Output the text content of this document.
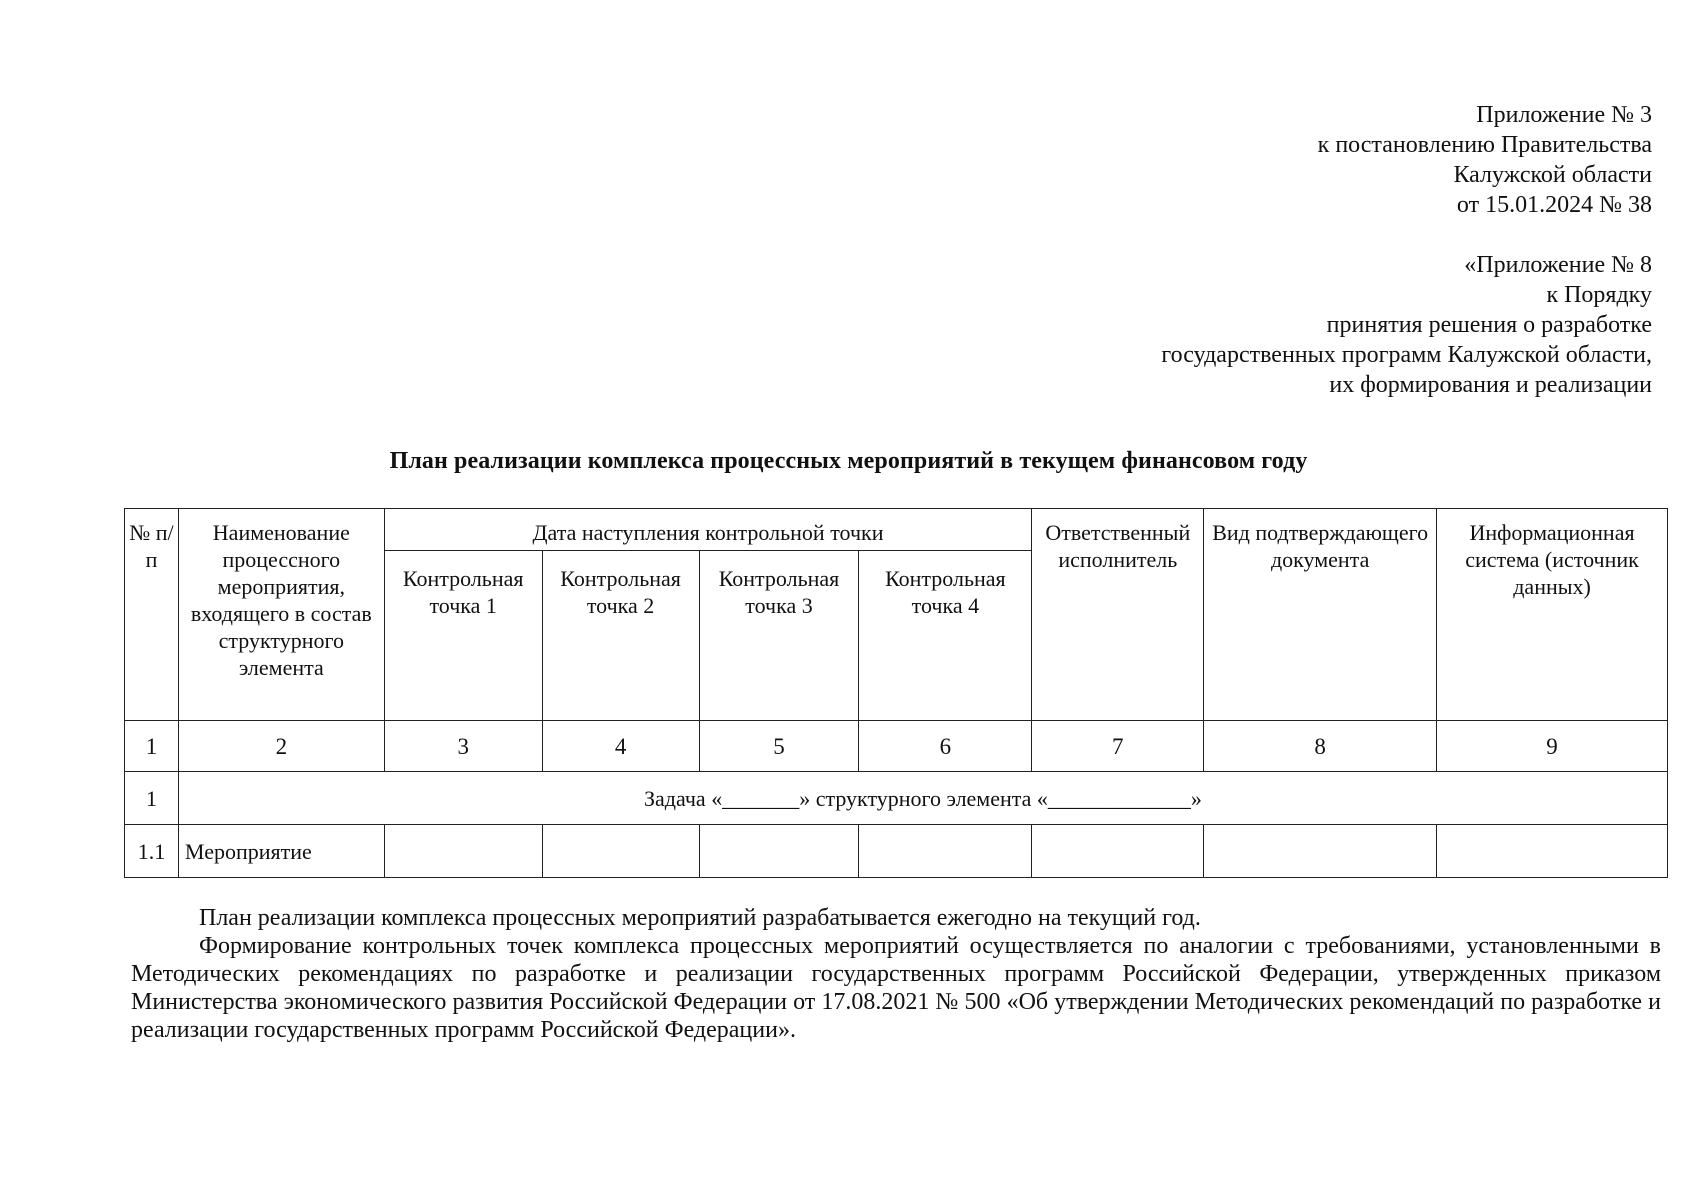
Приложение № 3
к постановлению Правительства
Калужской области
от 15.01.2024 № 38
«Приложение № 8
к Порядку
принятия решения о разработке
государственных программ Калужской области,
их формирования и реализации
План реализации комплекса процессных мероприятий в текущем финансовом году
№ п/п	Наименование процессного мероприятия, входящего в состав структурного элемента	Дата наступления контрольной точки				Ответственный исполнитель	Вид подтверждающего документа	Информационная система (источник данных)
		Контрольная точка 1	Контрольная точка 2	Контрольная точка 3	Контрольная точка 4			
1	2	3	4	5	6	7	8	9
1	Задача «_______» структурного элемента «_____________»							
1.1	Мероприятие							

План реализации комплекса процессных мероприятий разрабатывается ежегодно на текущий год.

Формирование контрольных точек комплекса процессных мероприятий осуществляется по аналогии с требованиями, установленными в Методических рекомендациях по разработке и реализации государственных программ Российской Федерации, утвержденных приказом Министерства экономического развития Российской Федерации от 17.08.2021 № 500 «Об утверждении Методических рекомендаций по разработке и реализации государственных программ Российской Федерации».
